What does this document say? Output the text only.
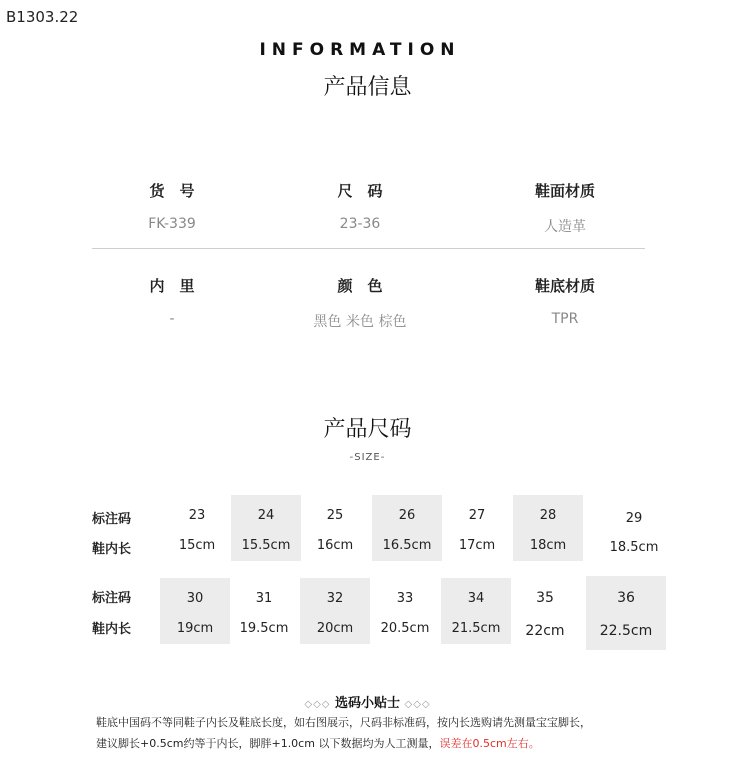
B1303.22
INFORMATION
产品信息
货　号
FK-339
尺　码
23-36
鞋面材质
人造革
内　里
-
颜　色
黑色 米色 棕色
鞋底材质
TPR
产品尺码
-SIZE-
标注码
鞋内长
标注码
鞋内长
23
15cm
24
15.5cm
25
16cm
26
16.5cm
27
17cm
28
18cm
29
18.5cm
30
19cm
31
19.5cm
32
20cm
33
20.5cm
34
21.5cm
35
22cm
36
22.5cm
◇◇◇ 选码小贴士 ◇◇◇
鞋底中国码不等同鞋子内长及鞋底长度，如右图展示，尺码非标准码，按内长选购请先测量宝宝脚长，
建议脚长+0.5cm约等于内长，脚胖+1.0cm 以下数据均为人工测量，误差在0.5cm左右。
